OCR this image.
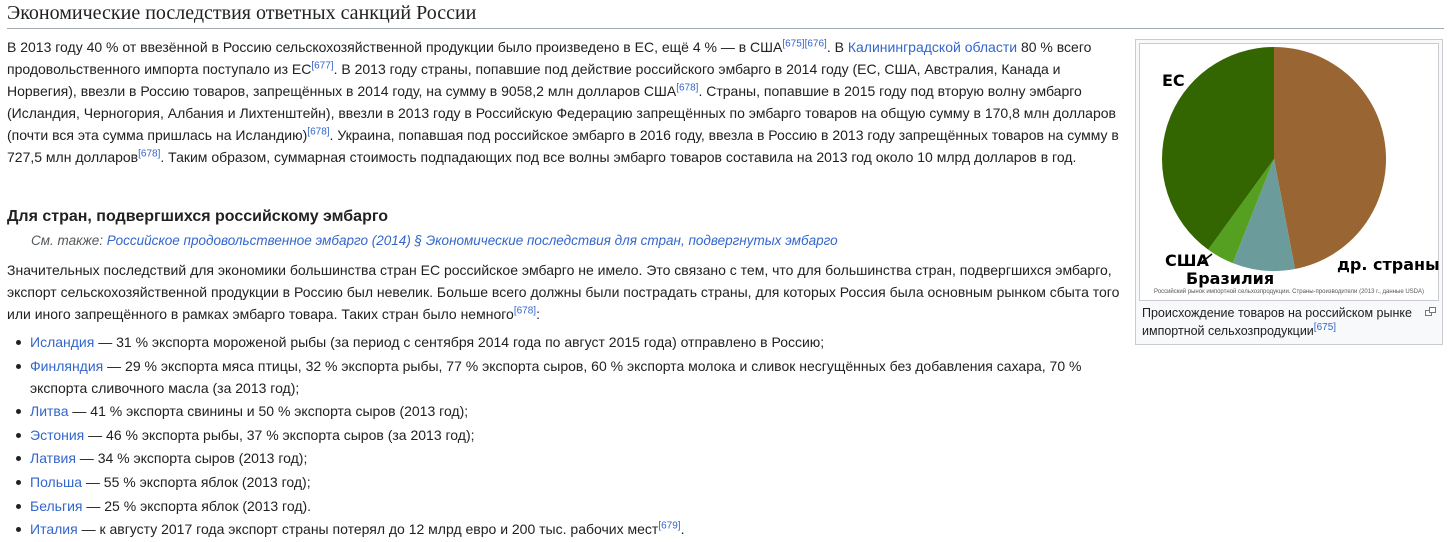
Экономические последствия ответных санкций России

В 2013 году 40 % от ввезённой в Россию сельскохозяйственной продукции было произведено в ЕС, ещё 4 % — в США[675][676]. В Калининградской области 80 % всего продовольственного импорта поступало из ЕС[677]. В 2013 году страны, попавшие под действие российского эмбарго в 2014 году (ЕС, США, Австралия, Канада и Норвегия), ввезли в Россию товаров, запрещённых в 2014 году, на сумму в 9058,2 млн долларов США[678]. Страны, попавшие в 2015 году под вторую волну эмбарго (Исландия, Черногория, Албания и Лихтенштейн), ввезли в 2013 году в Российскую Федерацию запрещённых по эмбарго товаров на общую сумму в 170,8 млн долларов (почти вся эта сумма пришлась на Исландию)[678]. Украина, попавшая под российское эмбарго в 2016 году, ввезла в Россию в 2013 году запрещённых товаров на сумму в 727,5 млн долларов[678]. Таким образом, суммарная стоимость подпадающих под все волны эмбарго товаров составила на 2013 год около 10 млрд долларов в год.

Для стран, подвергшихся российскому эмбарго
См. также: Российское продовольственное эмбарго (2014) § Экономические последствия для стран, подвергнутых эмбарго

Значительных последствий для экономики большинства стран ЕС российское эмбарго не имело. Это связано с тем, что для большинства стран, подвергшихся эмбарго, экспорт сельскохозяйственной продукции в Россию был невелик. Больше всего должны были пострадать страны, для которых Россия была основным рынком сбыта того или иного запрещённого в рамках эмбарго товара. Таких стран было немного[678]:

Исландия — 31 % экспорта мороженой рыбы (за период с сентября 2014 года по август 2015 года) отправлено в Россию;
Финляндия — 29 % экспорта мяса птицы, 32 % экспорта рыбы, 77 % экспорта сыров, 60 % экспорта молока и сливок несгущённых без добавления сахара, 70 % экспорта сливочного масла (за 2013 год);
Литва — 41 % экспорта свинины и 50 % экспорта сыров (2013 год);
Эстония — 46 % экспорта рыбы, 37 % экспорта сыров (за 2013 год);
Латвия — 34 % экспорта сыров (2013 год);
Польша — 55 % экспорта яблок (2013 год);
Бельгия — 25 % экспорта яблок (2013 год).
Италия — к августу 2017 года экспорт страны потерял до 12 млрд евро и 200 тыс. рабочих мест[679].
ЕС
США
Бразилия
др. страны
Российский рынок импортной сельхозпродукции. Страны-производители (2013 г., данные USDA)
Происхождение товаров на российском рынке импортной сельхозпродукции[675]
